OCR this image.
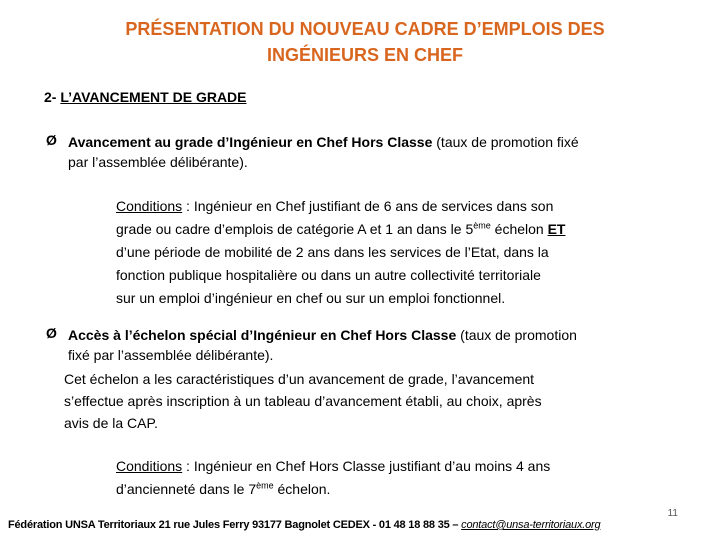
PRÉSENTATION DU NOUVEAU CADRE D’EMPLOIS DES
INGÉNIEURS EN CHEF
2- L’AVANCEMENT DE GRADE
Ø Avancement au grade d’Ingénieur en Chef Hors Classe (taux de promotion fixé
par l’assemblée délibérante).
Conditions : Ingénieur en Chef justifiant de 6 ans de services dans son
grade ou cadre d’emplois de catégorie A et 1 an dans le 5ème échelon ET
d’une période de mobilité de 2 ans dans les services de l’Etat, dans la
fonction publique hospitalière ou dans un autre collectivité territoriale
sur un emploi d’ingénieur en chef ou sur un emploi fonctionnel.
Ø Accès à l’échelon spécial d’Ingénieur en Chef Hors Classe (taux de promotion
fixé par l’assemblée délibérante).
Cet échelon a les caractéristiques d’un avancement de grade, l’avancement
s’effectue après inscription à un tableau d’avancement établi, au choix, après
avis de la CAP.
Conditions : Ingénieur en Chef Hors Classe justifiant d’au moins 4 ans
d’ancienneté dans le 7ème échelon.
11
Fédération UNSA Territoriaux 21 rue Jules Ferry 93177 Bagnolet CEDEX - 01 48 18 88 35 – contact@unsa-territoriaux.org
